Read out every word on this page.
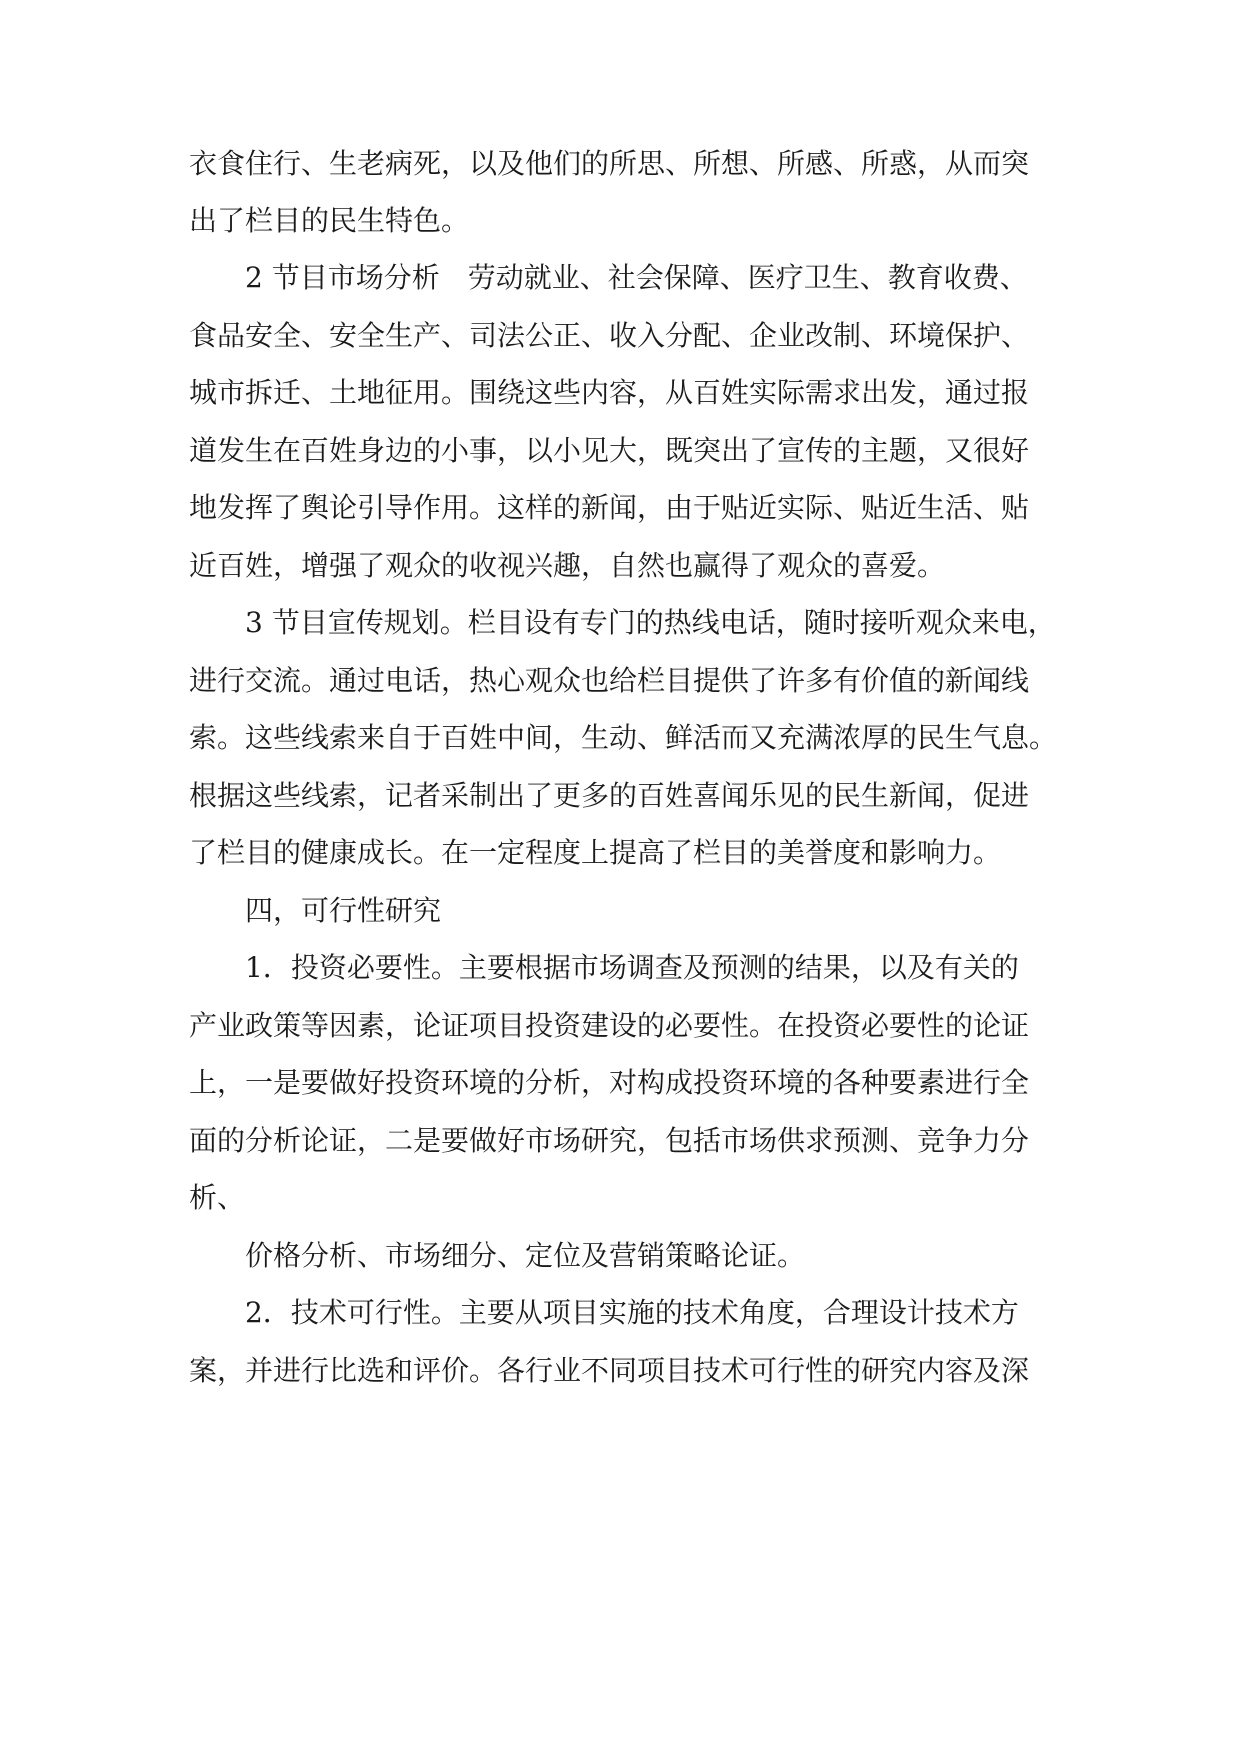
衣食住行、生老病死，以及他们的所思、所想、所感、所惑，从而突
出了栏目的民生特色。
2 节目市场分析　劳动就业、社会保障、医疗卫生、教育收费、
食品安全、安全生产、司法公正、收入分配、企业改制、环境保护、
城市拆迁、土地征用。围绕这些内容，从百姓实际需求出发，通过报
道发生在百姓身边的小事，以小见大，既突出了宣传的主题，又很好
地发挥了舆论引导作用。这样的新闻，由于贴近实际、贴近生活、贴
近百姓，增强了观众的收视兴趣，自然也赢得了观众的喜爱。
3 节目宣传规划。栏目设有专门的热线电话，随时接听观众来电，
进行交流。通过电话，热心观众也给栏目提供了许多有价值的新闻线
索。这些线索来自于百姓中间，生动、鲜活而又充满浓厚的民生气息。
根据这些线索，记者采制出了更多的百姓喜闻乐见的民生新闻，促进
了栏目的健康成长。在一定程度上提高了栏目的美誉度和影响力。
四，可行性研究
1．投资必要性。主要根据市场调查及预测的结果，以及有关的
产业政策等因素，论证项目投资建设的必要性。在投资必要性的论证
上，一是要做好投资环境的分析，对构成投资环境的各种要素进行全
面的分析论证，二是要做好市场研究，包括市场供求预测、竞争力分
析、
价格分析、市场细分、定位及营销策略论证。
2．技术可行性。主要从项目实施的技术角度，合理设计技术方
案，并进行比选和评价。各行业不同项目技术可行性的研究内容及深
